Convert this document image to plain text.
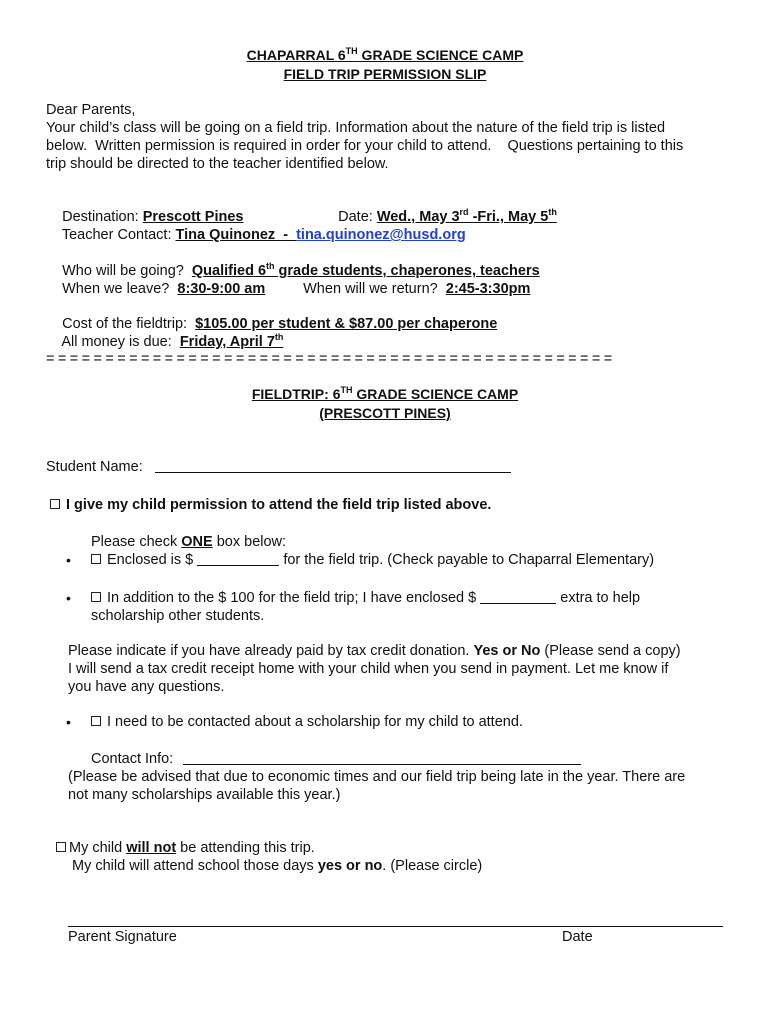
CHAPARRAL 6TH GRADE SCIENCE CAMP
FIELD TRIP PERMISSION SLIP
Dear Parents,
Your child’s class will be going on a field trip. Information about the nature of the field trip is listed
below.  Written permission is required in order for your child to attend.    Questions pertaining to this
trip should be directed to the teacher identified below.

Destination: Prescott Pines
	Date: Wed., May 3rd -Fri., May 5th

Teacher Contact: Tina Quinonez  -  tina.quinonez@husd.org

Who will be going?  Qualified 6th grade students, chaperones, teachers

When we leave?  8:30-9:00 am
	When will we return?  2:45-3:30pm

Cost of the fieldtrip:  $105.00 per student & $87.00 per chaperone

All money is due:  Friday, April 7th

================================================
FIELDTRIP: 6TH GRADE SCIENCE CAMP
(PRESCOTT PINES)
Student Name:
I give my child permission to attend the field trip listed above.
Please check ONE box below:
•	Enclosed is $	for the field trip. (Check payable to Chaparral Elementary)
•	In addition to the $ 100 for the field trip; I have enclosed $	extra to help
scholarship other students.
Please indicate if you have already paid by tax credit donation. Yes or No (Please send a copy)
I will send a tax credit receipt home with your child when you send in payment. Let me know if
you have any questions.
•	I need to be contacted about a scholarship for my child to attend.
Contact Info:
(Please be advised that due to economic times and our field trip being late in the year. There are
not many scholarships available this year.)
My child will not be attending this trip.
My child will attend school those days yes or no. (Please circle)
Parent Signature	Date
